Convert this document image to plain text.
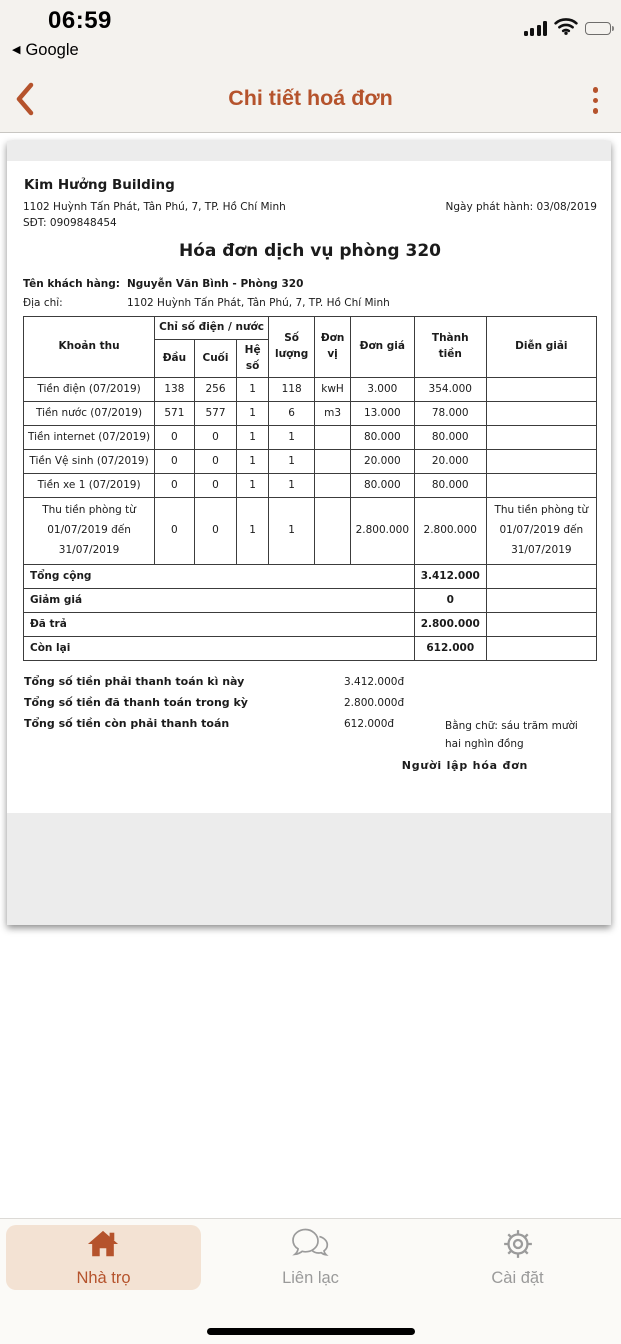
06:59
◀ Google
Chi tiết hoá đơn
Kim Hưởng Building
1102 Huỳnh Tấn Phát, Tân Phú, 7, TP. Hồ Chí Minh	Ngày phát hành: 03/08/2019
SĐT: 0909848454
Hóa đơn dịch vụ phòng 320
Tên khách hàng: Nguyễn Văn Bình - Phòng 320
Địa chỉ:	1102 Huỳnh Tấn Phát, Tân Phú, 7, TP. Hồ Chí Minh
Khoản thu	Chỉ số điện / nước			Số lượng	Đơn vị	Đơn giá	Thành tiền	Diễn giải
	Đầu	Cuối	Hệ số					
Tiền điện (07/2019)	138	256	1	118	kwH	3.000	354.000	
Tiền nước (07/2019)	571	577	1	6	m3	13.000	78.000	
Tiền internet (07/2019)	0	0	1	1		80.000	80.000	
Tiền Vệ sinh (07/2019)	0	0	1	1		20.000	20.000	
Tiền xe 1 (07/2019)	0	0	1	1		80.000	80.000	
Thu tiền phòng từ 01/07/2019 đến 31/07/2019	0	0	1	1		2.800.000	2.800.000	Thu tiền phòng từ 01/07/2019 đến 31/07/2019
Tổng cộng							3.412.000	
Giảm giá							0	
Đã trả							2.800.000	
Còn lại							612.000	
Tổng số tiền phải thanh toán kì này	3.412.000đ
Tổng số tiền đã thanh toán trong kỳ	2.800.000đ
Tổng số tiền còn phải thanh toán	612.000đ	Bằng chữ: sáu trăm mười hai nghìn đồng
Người lập hóa đơn
Nhà trọ	Liên lạc	Cài đặt
